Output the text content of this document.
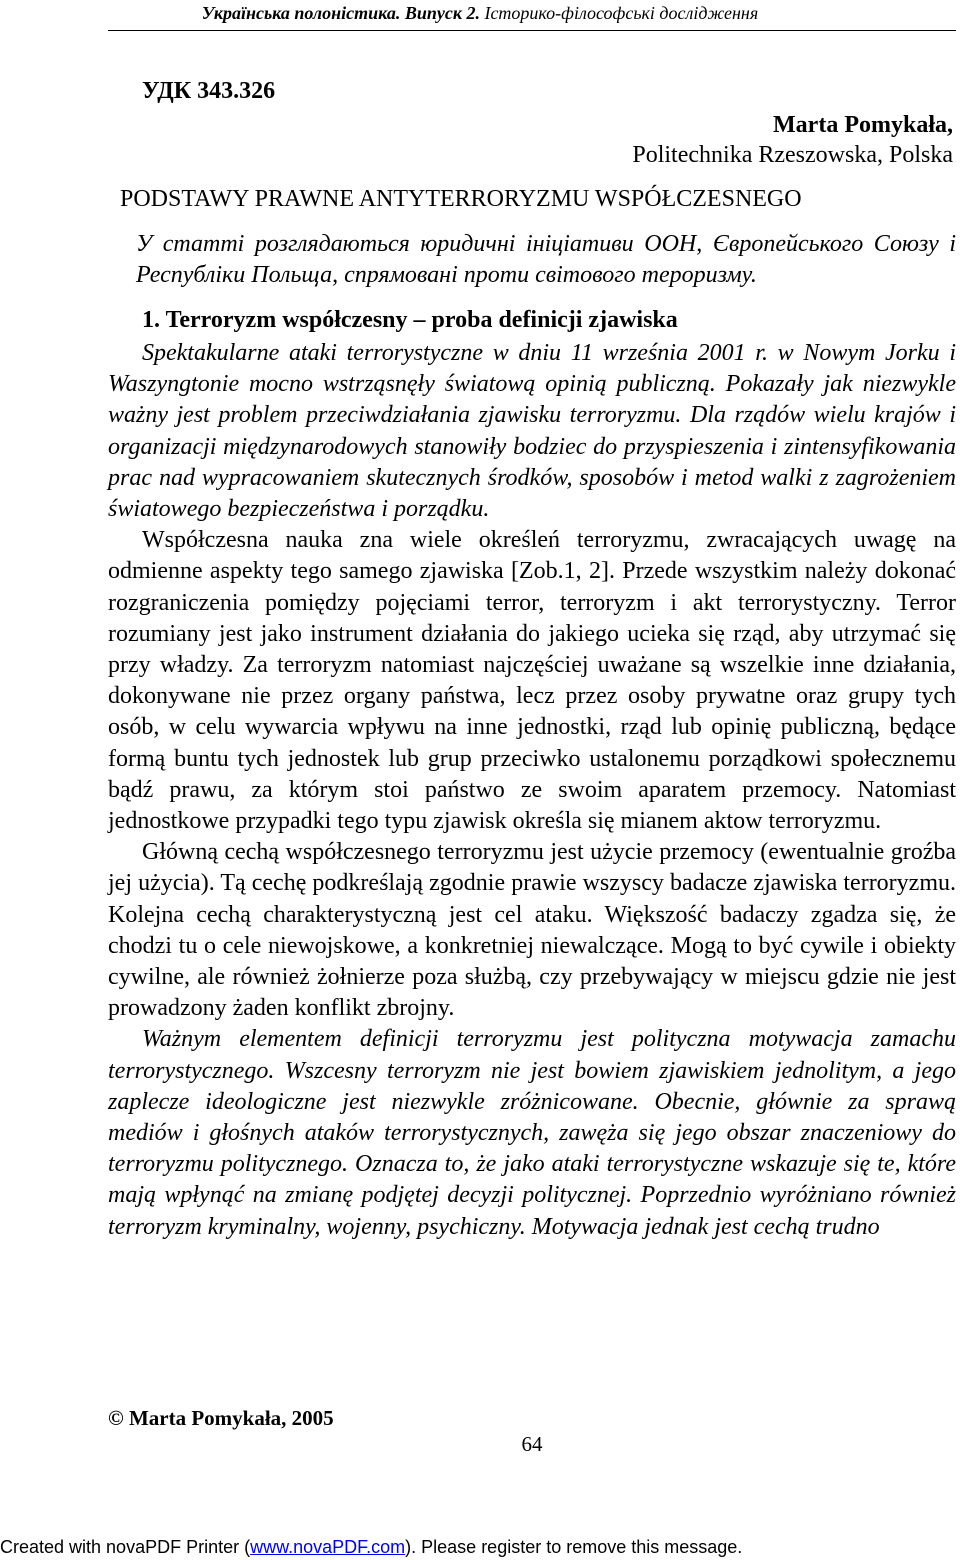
Українська полоністика. Випуск 2. Історико-філософські дослідження
УДК 343.326
Marta Pomykała,
Politechnika Rzeszowska, Polska
PODSTAWY PRAWNE ANTYTERRORYZMU WSPÓŁCZESNEGO
У статті розглядаються юридичні ініціативи ООН, Європейського Союзу і Республіки Польща, спрямовані проти світового тероризму.
1. Terroryzm współczesny – proba definicji zjawiska

Spektakularne ataki terrorystyczne w dniu 11 września 2001 r. w Nowym Jorku i Waszyngtonie mocno wstrząsnęły światową opinią publiczną. Pokazały jak niezwykle ważny jest problem przeciwdziałania zjawisku terroryzmu. Dla rządów wielu krajów i organizacji międzynarodowych stanowiły bodziec do przyspieszenia i zintensyfikowania prac nad wypracowaniem skutecznych środków, sposobów i metod walki z zagrożeniem światowego bezpieczeństwa i porządku.

Współczesna nauka zna wiele określeń terroryzmu, zwracających uwagę na odmienne aspekty tego samego zjawiska [Zob.1, 2]. Przede wszystkim należy dokonać rozgraniczenia pomiędzy pojęciami terror, terroryzm i akt terrorystyczny. Terror rozumiany jest jako instrument działania do jakiego ucieka się rząd, aby utrzymać się przy władzy. Za terroryzm natomiast najczęściej uważane są wszelkie inne działania, dokonywane nie przez organy państwa, lecz przez osoby prywatne oraz grupy tych osób, w celu wywarcia wpływu na inne jednostki, rząd lub opinię publiczną, będące formą buntu tych jednostek lub grup przeciwko ustalonemu porządkowi społecznemu bądź prawu, za którym stoi państwo ze swoim aparatem przemocy. Natomiast jednostkowe przypadki tego typu zjawisk określa się mianem aktow terroryzmu.

Główną cechą współczesnego terroryzmu jest użycie przemocy (ewentualnie groźba jej użycia). Tą cechę podkreślają zgodnie prawie wszyscy badacze zjawiska terroryzmu. Kolejna cechą charakterystyczną jest cel ataku. Większość badaczy zgadza się, że chodzi tu o cele niewojskowe, a konkretniej niewalczące. Mogą to być cywile i obiekty cywilne, ale również żołnierze poza służbą, czy przebywający w miejscu gdzie nie jest prowadzony żaden konflikt zbrojny.

Ważnym elementem definicji terroryzmu jest polityczna motywacja zamachu terrorystycznego. Wszcesny terroryzm nie jest bowiem zjawiskiem jednolitym, a jego zaplecze ideologiczne jest niezwykle zróżnicowane. Obecnie, głównie za sprawą mediów i głośnych ataków terrorystycznych, zawęża się jego obszar znaczeniowy do terroryzmu politycznego. Oznacza to, że jako ataki terrorystyczne wskazuje się te, które mają wpłynąć na zmianę podjętej decyzji politycznej. Poprzednio wyróżniano również terroryzm kryminalny, wojenny, psychiczny. Motywacja jednak jest cechą trudno

© Marta Pomykała, 2005
64
Created with novaPDF Printer (www.novaPDF.com). Please register to remove this message.
